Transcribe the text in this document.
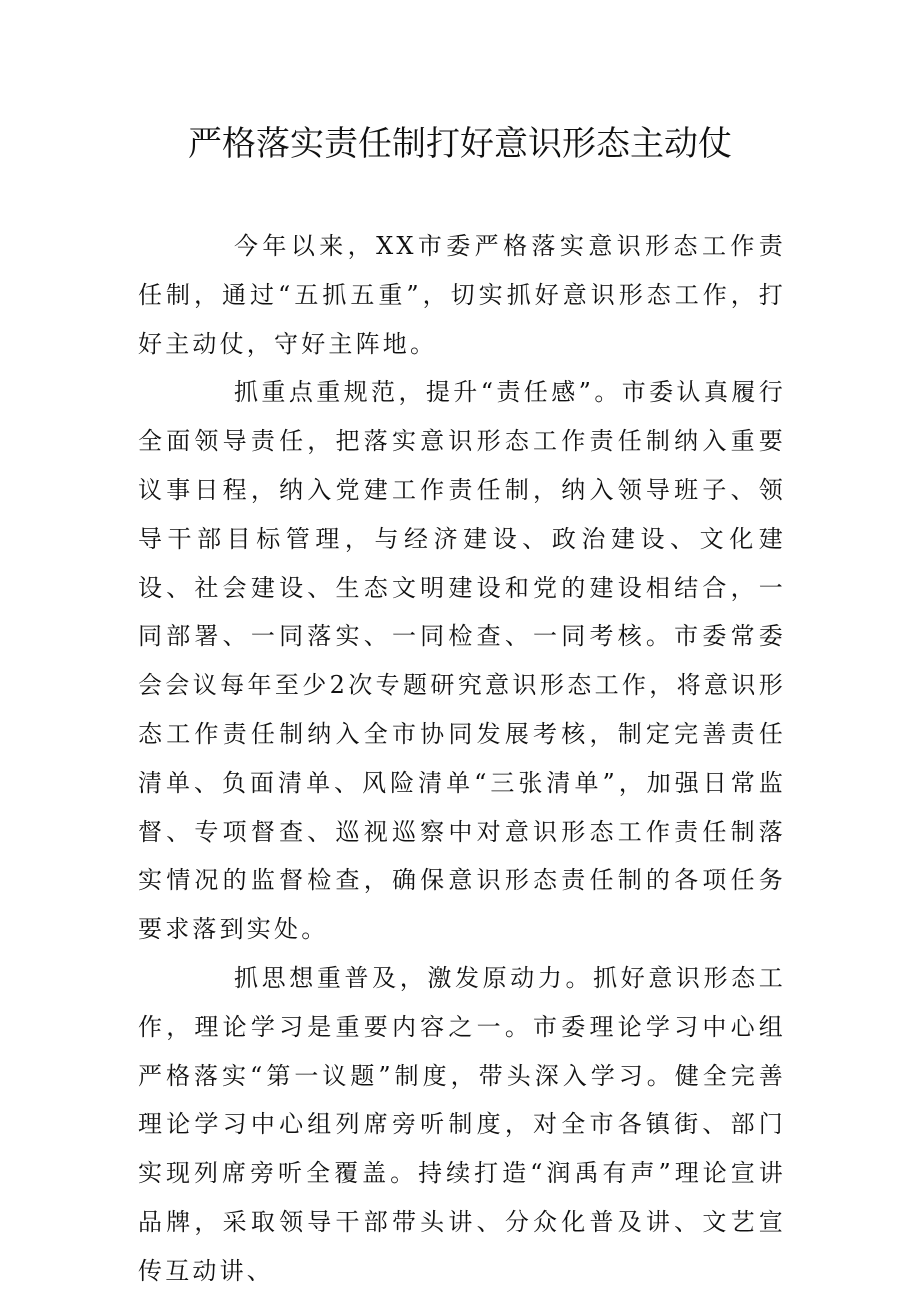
严格落实责任制打好意识形态主动仗

今年以来，XX市委严格落实意识形态工作责任制，通过“五抓五重”，切实抓好意识形态工作，打好主动仗，守好主阵地。

抓重点重规范，提升“责任感”。市委认真履行全面领导责任，把落实意识形态工作责任制纳入重要议事日程，纳入党建工作责任制，纳入领导班子、领导干部目标管理，与经济建设、政治建设、文化建设、社会建设、生态文明建设和党的建设相结合，一同部署、一同落实、一同检查、一同考核。市委常委会会议每年至少2次专题研究意识形态工作，将意识形态工作责任制纳入全市协同发展考核，制定完善责任清单、负面清单、风险清单“三张清单”，加强日常监督、专项督查、巡视巡察中对意识形态工作责任制落实情况的监督检查，确保意识形态责任制的各项任务要求落到实处。

抓思想重普及，激发原动力。抓好意识形态工作，理论学习是重要内容之一。市委理论学习中心组严格落实“第一议题”制度，带头深入学习。健全完善理论学习中心组列席旁听制度，对全市各镇街、部门实现列席旁听全覆盖。持续打造“润禹有声”理论宣讲品牌，采取领导干部带头讲、分众化普及讲、文艺宣传互动讲、
